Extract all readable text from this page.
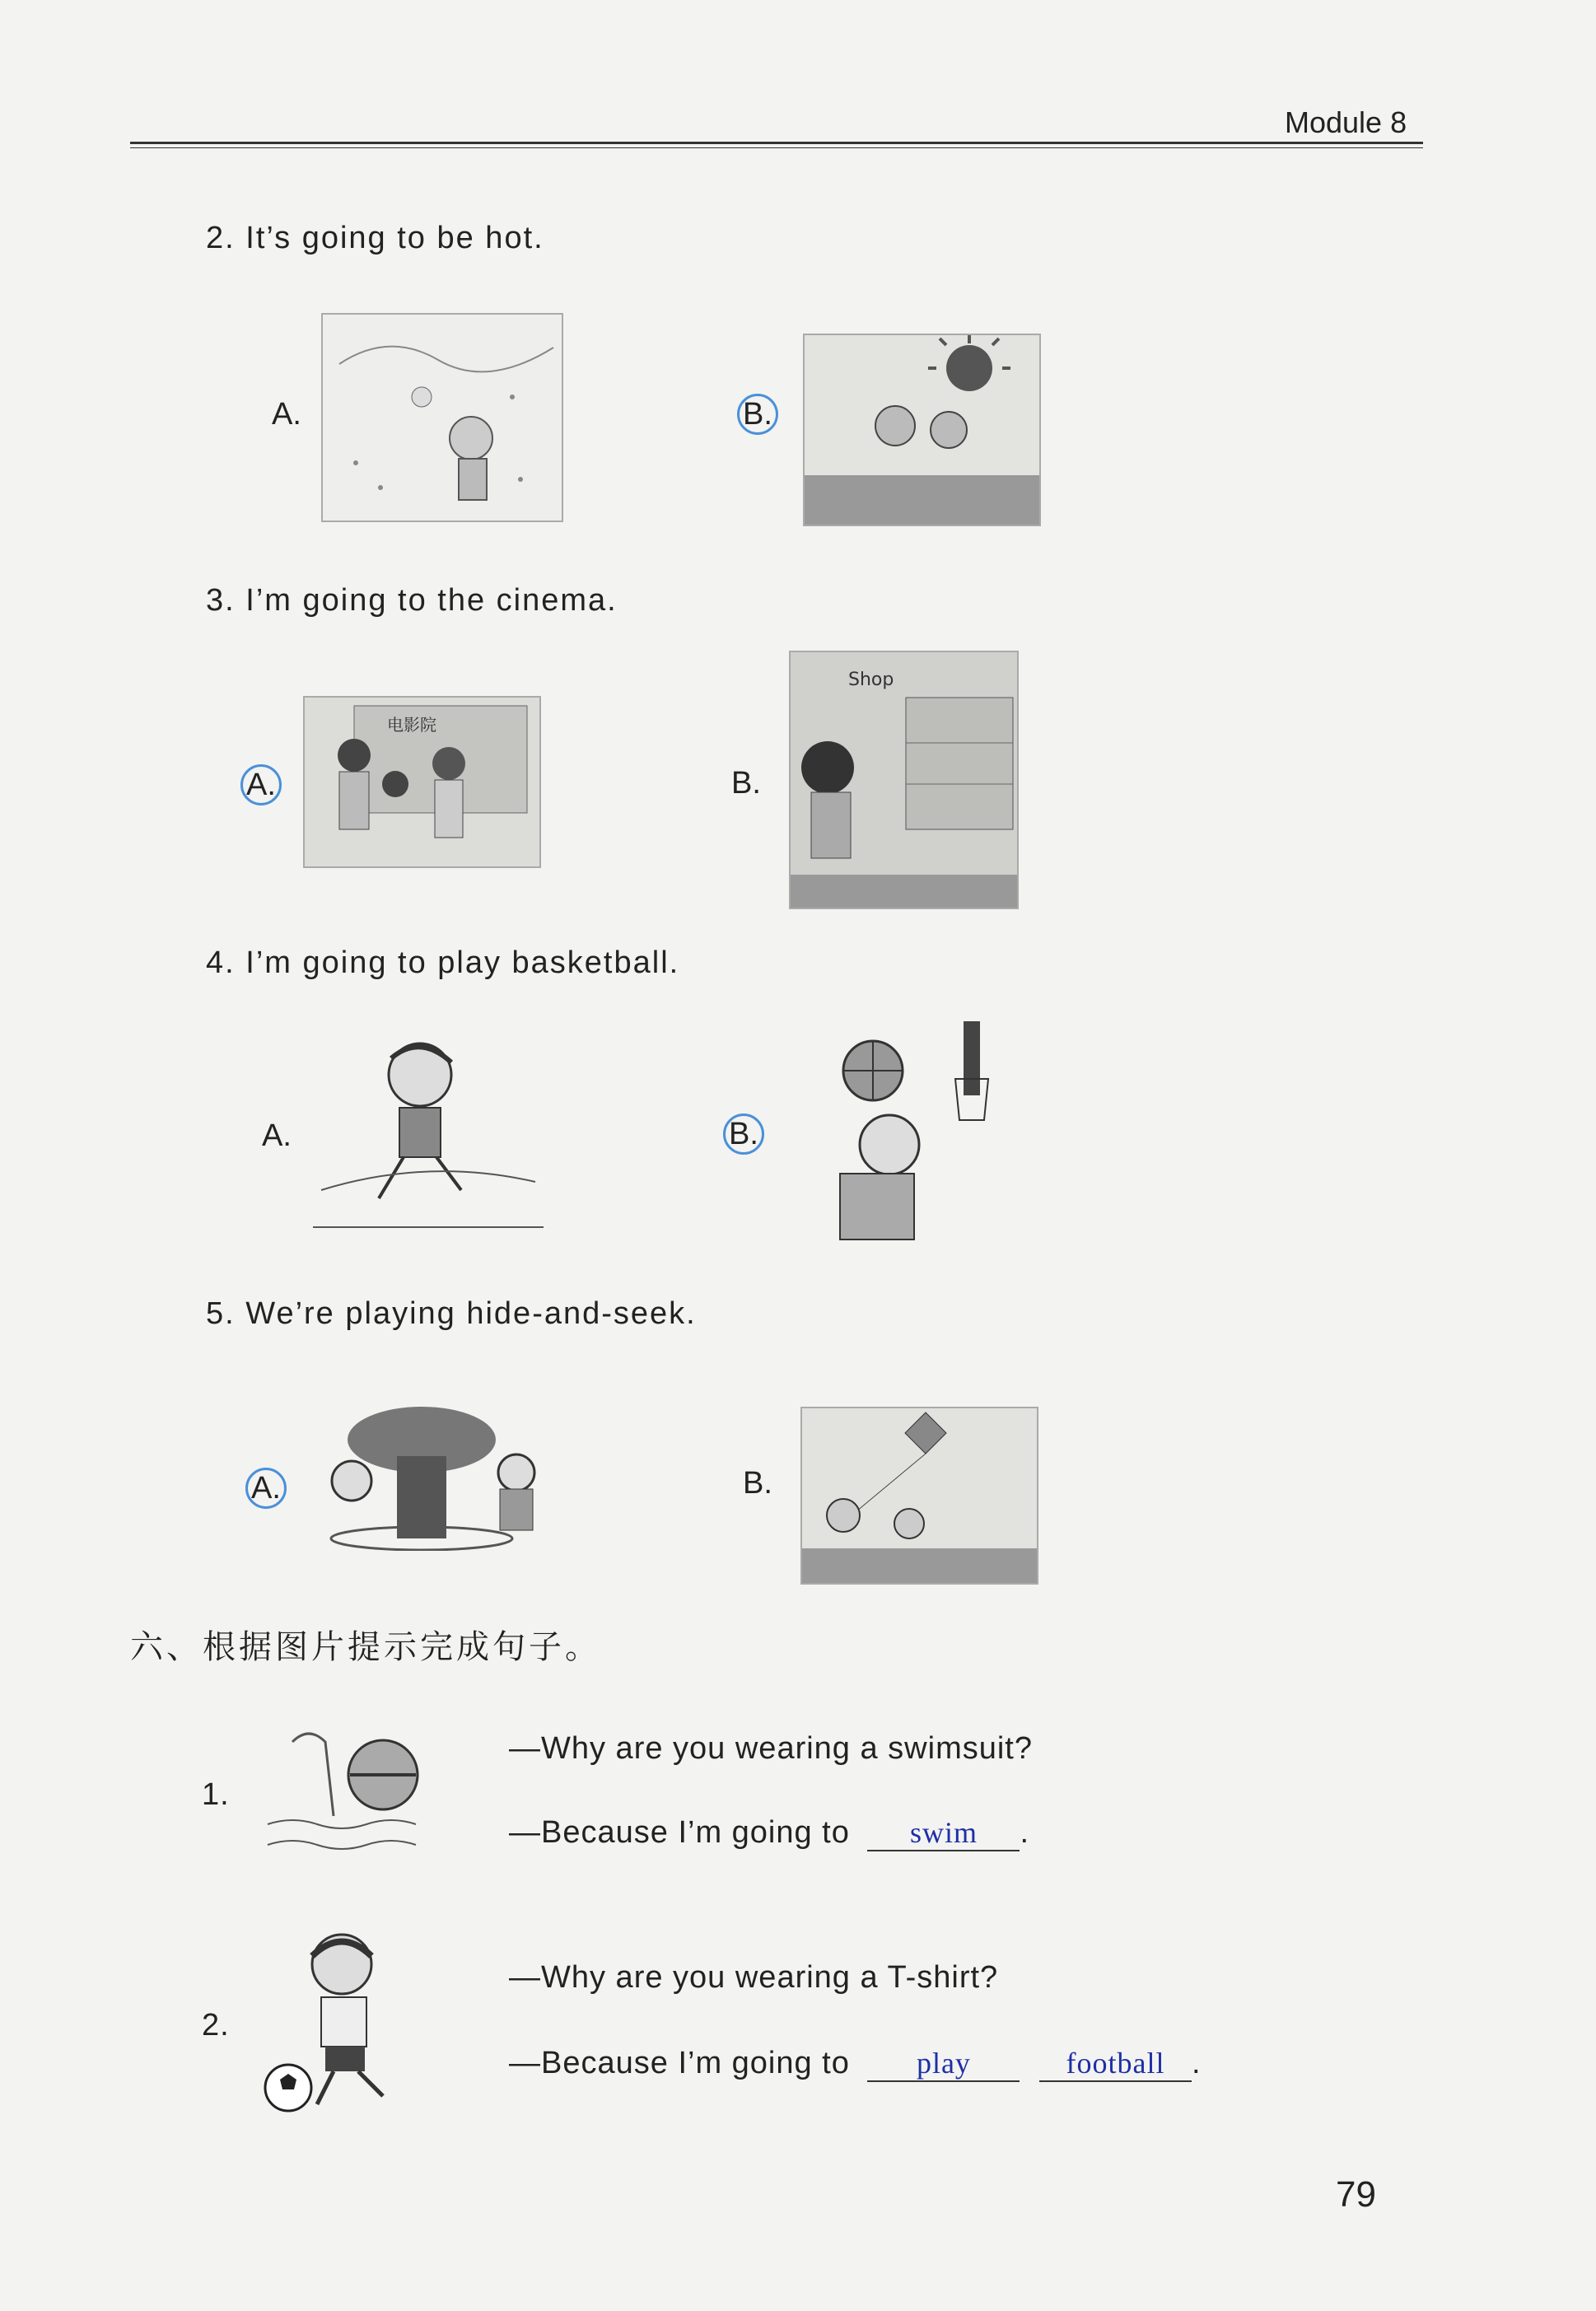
Module 8
2. It’s going to be hot.
A.	B.
3. I’m going to the cinema.
A.
电影院
B.
Shop
4. I’m going to play basketball.
A.	B.
5. We’re playing hide-and-seek.
A.	B.
六、根据图片提示完成句子。
1.
—Why are you wearing a swimsuit?
—Because I’m going to swim .
2.
—Why are you wearing a T-shirt?
—Because I’m going to play	football .
79
